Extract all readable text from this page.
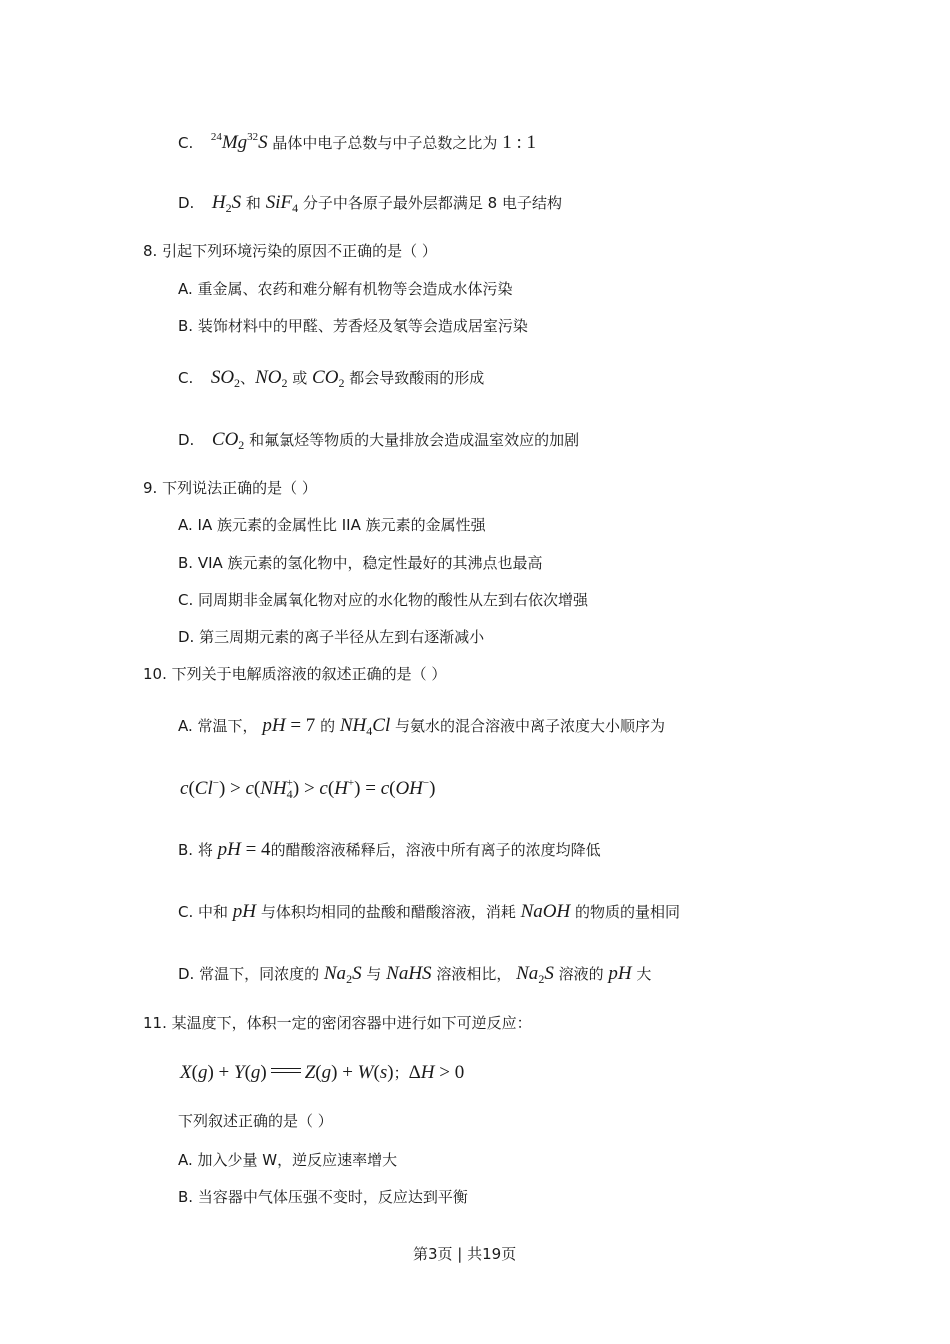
C. $^{24}$Mg$^{32}$S 晶体中电子总数与中子总数之比为 1 : 1
D. $H_2S$ 和 SiF$_4$ 分子中各原子最外层都满足 8 电子结构
8. 引起下列环境污染的原因不正确的是（ ）
A. 重金属、农药和难分解有机物等会造成水体污染
B. 装饰材料中的甲醛、芳香烃及氡等会造成居室污染
C. $SO_2$、$NO_2$ 或 $CO_2$ 都会导致酸雨的形成
D. $CO_2$ 和氟氯烃等物质的大量排放会造成温室效应的加剧
9. 下列说法正确的是（ ）
A. IA 族元素的金属性比 IIA 族元素的金属性强
B. VIA 族元素的氢化物中，稳定性最好的其沸点也最高
C. 同周期非金属氧化物对应的水化物的酸性从左到右依次增强
D. 第三周期元素的离子半径从左到右逐渐减小
10. 下列关于电解质溶液的叙述正确的是（ ）
A. 常温下， pH = 7 的 $NH_4Cl$ 与氨水的混合溶液中离子浓度大小顺序为
$c(Cl^-) > c(NH_4^+) > c(H^+) = c(OH^-)$
B. 将 pH = 4的醋酸溶液稀释后，溶液中所有离子的浓度均降低
C. 中和 pH 与体积均相同的盐酸和醋酸溶液，消耗 NaOH 的物质的量相同
D. 常温下，同浓度的 $Na_2S$ 与 NaHS 溶液相比， $Na_2S$ 溶液的 pH 大
11. 某温度下，体积一定的密闭容器中进行如下可逆反应：
X(g) + Y(g) Z(g) + W(s)；ΔH > 0
下列叙述正确的是（ ）
A. 加入少量 W，逆反应速率增大
B. 当容器中气体压强不变时，反应达到平衡
第3页 | 共19页
